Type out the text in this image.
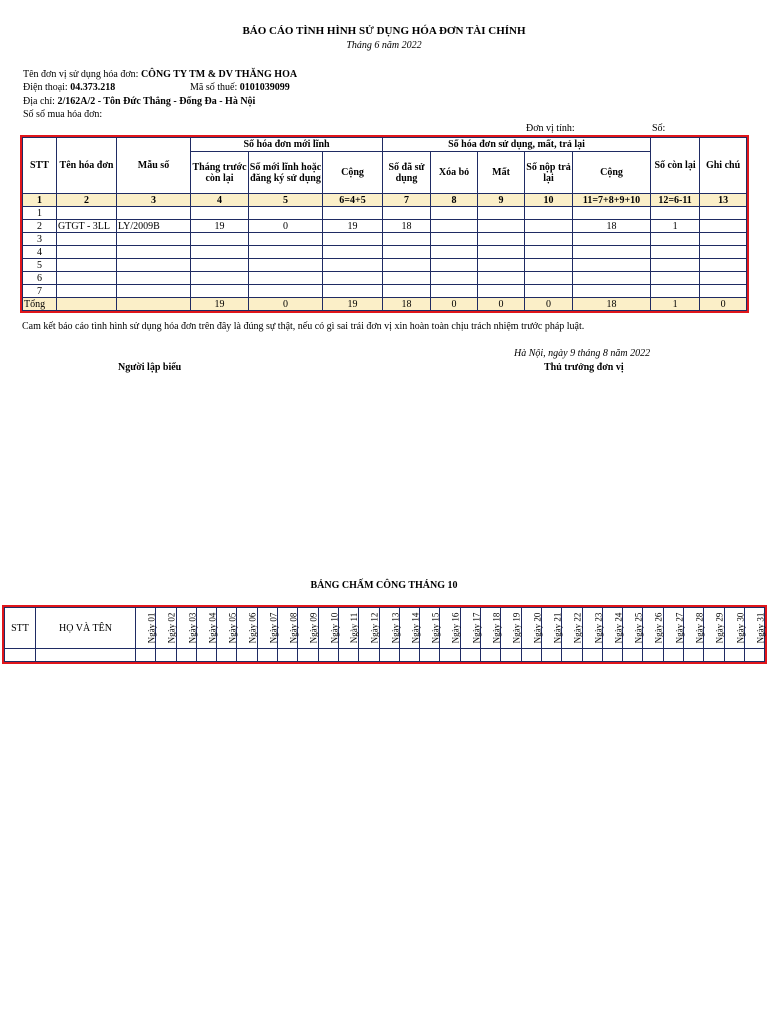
BÁO CÁO TÌNH HÌNH SỬ DỤNG HÓA ĐƠN TÀI CHÍNH
Tháng 6 năm 2022
Tên đơn vị sử dụng hóa đơn: CÔNG TY TM & DV THĂNG HOA
Điện thoại: 04.373.218	Mã số thuế: 0101039099
Địa chỉ: 2/162A/2 - Tôn Đức Thắng - Đống Đa - Hà Nội
Số sổ mua hóa đơn:
Đơn vị tính:	Số:
STT	Tên hóa đơn	Mẫu số	Số hóa đơn mới lĩnh			Số hóa đơn sử dụng, mất, trả lại					Số còn lại	Ghi chú
			Tháng trước còn lại	Số mới lĩnh hoặc đăng ký sử dụng	Cộng	Số đã sử dụng	Xóa bỏ	Mất	Số nộp trả lại	Cộng		
1	2	3	4	5	6=4+5	7	8	9	10	11=7+8+9+10	12=6-11	13
1												
2	GTGT - 3LL	LY/2009B	19	0	19	18				18	1	
3												
4												
5												
6												
7												
Tổng			19	0	19	18	0	0	0	18	1	0
Cam kết báo cáo tình hình sử dụng hóa đơn trên đây là đúng sự thật, nếu có gì sai trái đơn vị xin hoàn toàn chịu trách nhiệm trước pháp luật.
Hà Nội, ngày 9 tháng 8 năm 2022
Người lập biểu	Thủ trưởng đơn vị
BẢNG CHẤM CÔNG THÁNG 10
STT	HỌ VÀ TÊN	Ngày 01	Ngày 02	Ngày 03	Ngày 04	Ngày 05	Ngày 06	Ngày 07	Ngày 08	Ngày 09	Ngày 10	Ngày 11	Ngày 12	Ngày 13	Ngày 14	Ngày 15	Ngày 16	Ngày 17	Ngày 18	Ngày 19	Ngày 20	Ngày 21	Ngày 22	Ngày 23	Ngày 24	Ngày 25	Ngày 26	Ngày 27	Ngày 28	Ngày 29	Ngày 30	Ngày 31
